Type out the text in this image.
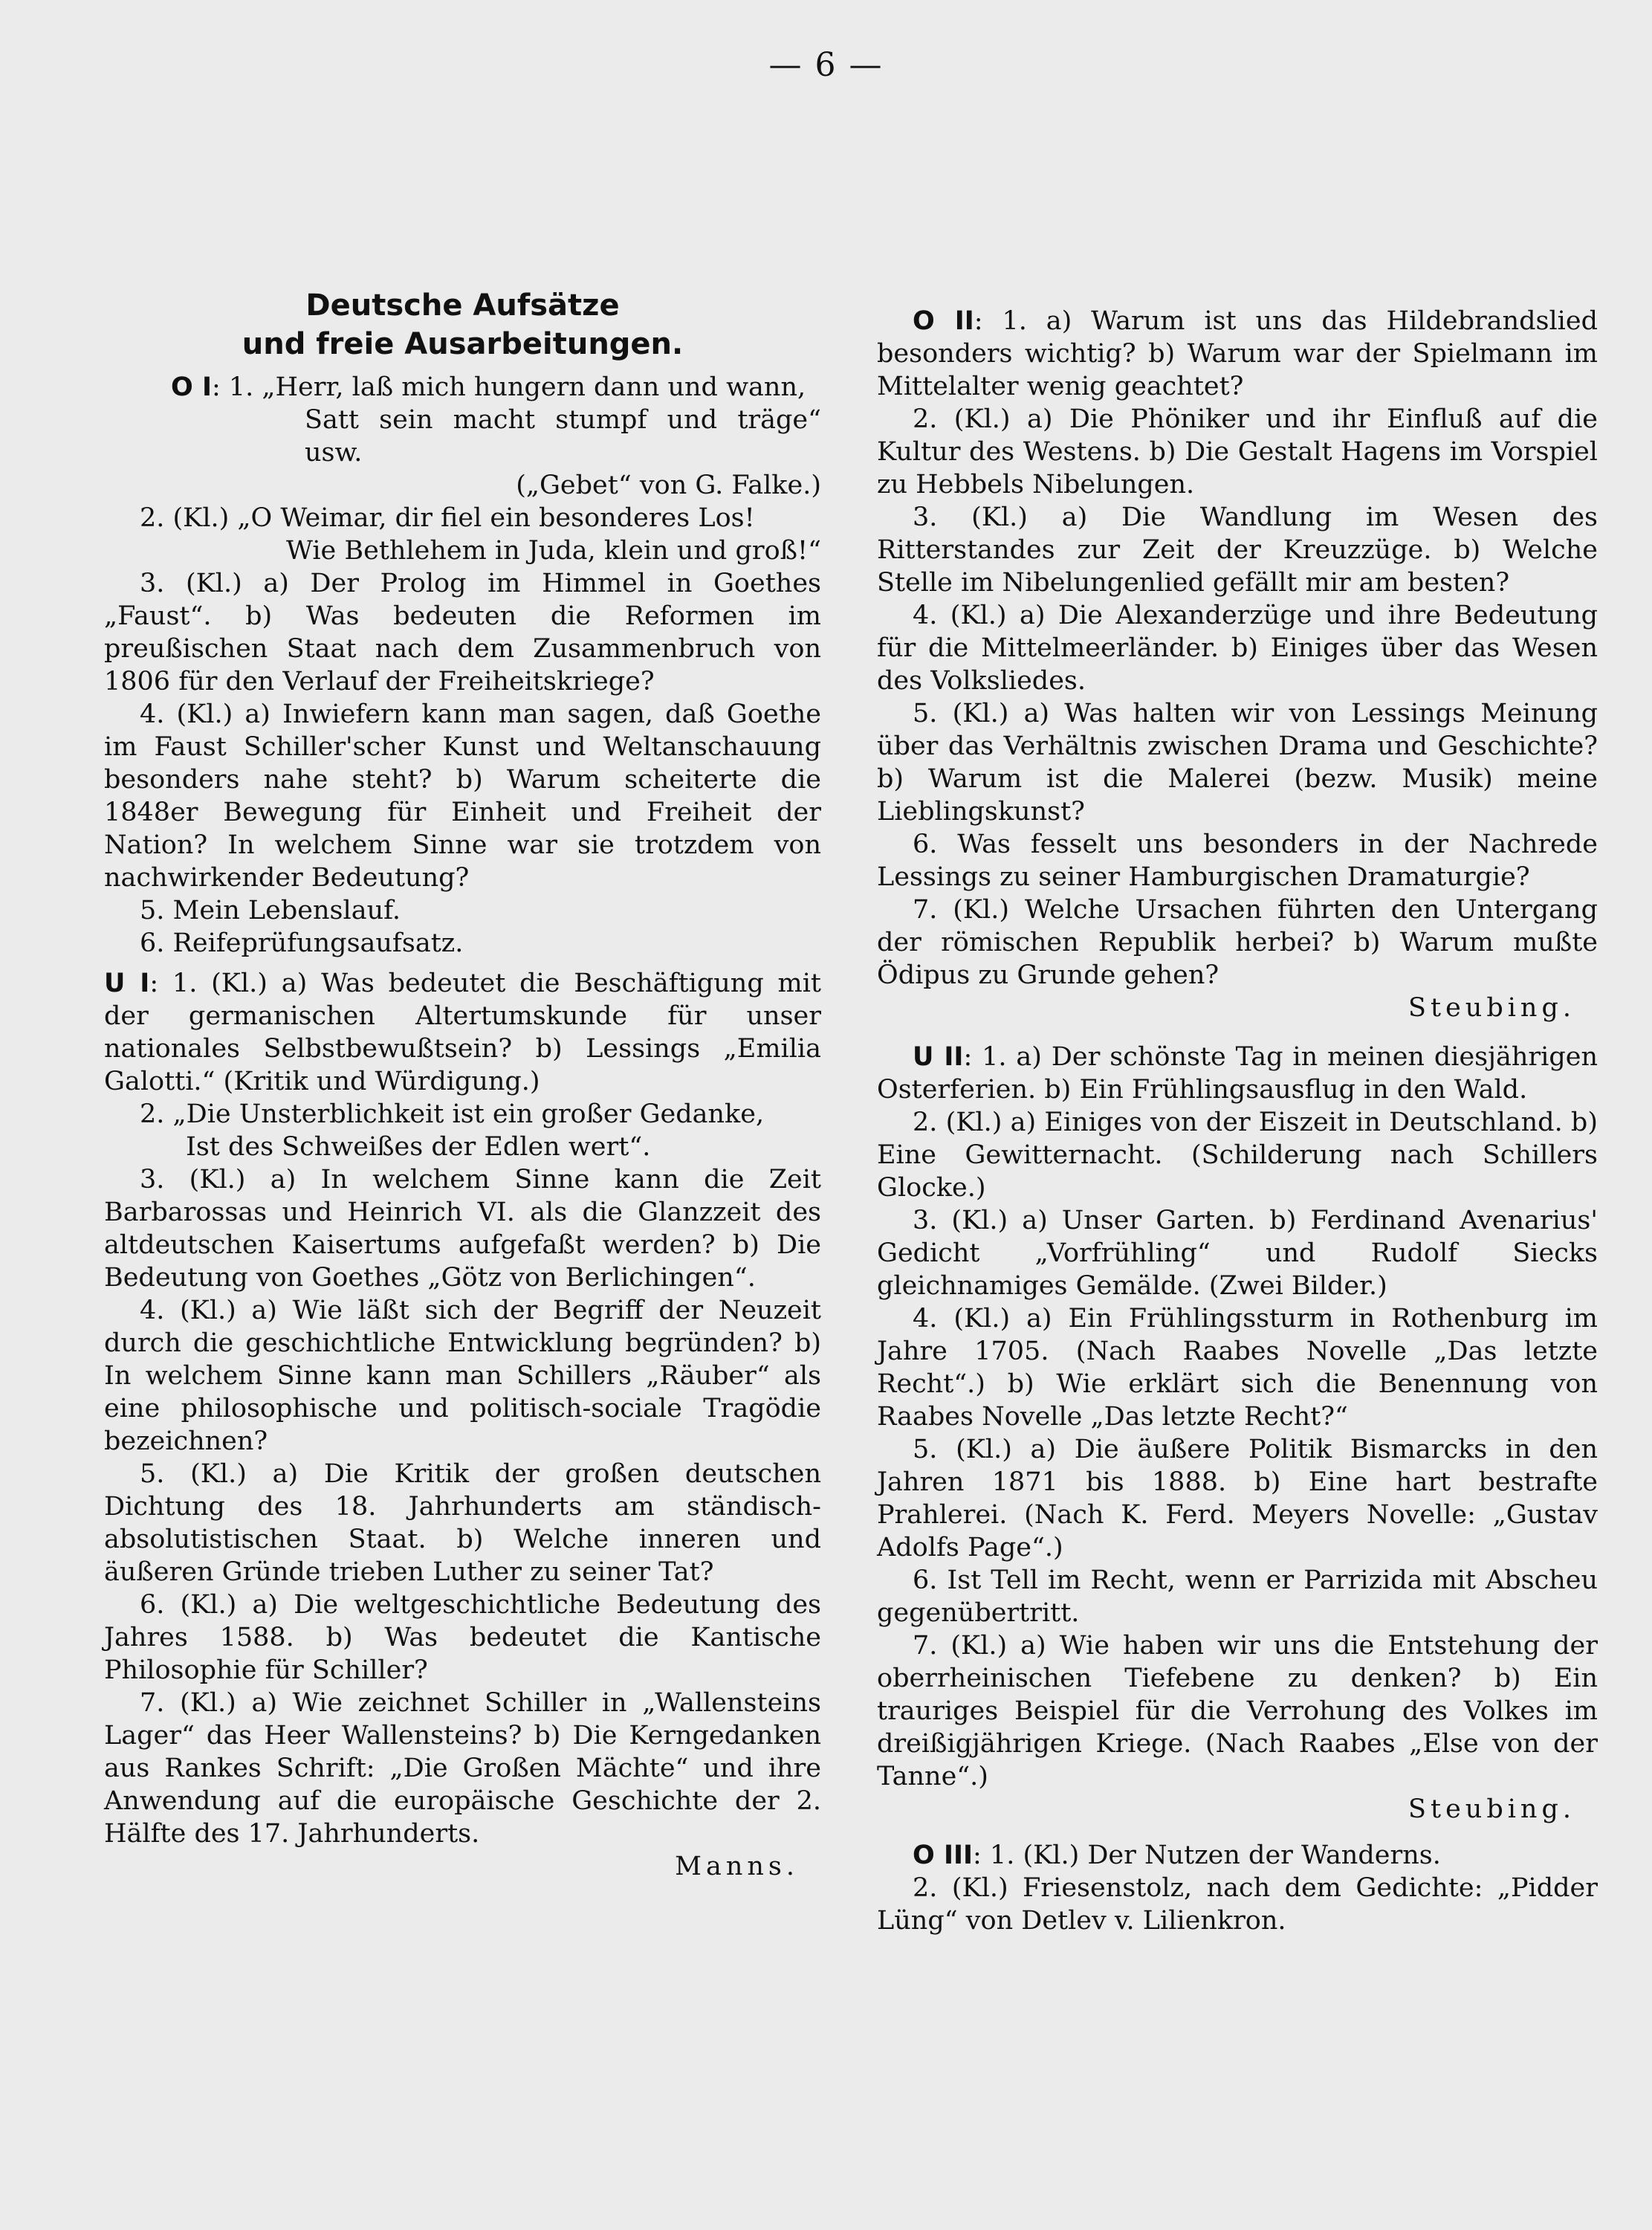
— 6 —

Deutsche Aufsätze

und freie Ausarbeitungen.

O I: 1. „Herr, laß mich hungern dann und wann,

Satt sein macht stumpf und träge“ usw.

(„Gebet“ von G. Falke.)

2. (Kl.) „O Weimar, dir fiel ein besonderes Los!

Wie Bethlehem in Juda, klein und groß!“

3. (Kl.) a) Der Prolog im Himmel in Goethes „Faust“. b) Was bedeuten die Reformen im preußischen Staat nach dem Zusammenbruch von 1806 für den Verlauf der Freiheitskriege?

4. (Kl.) a) Inwiefern kann man sagen, daß Goethe im Faust Schiller'scher Kunst und Weltanschauung besonders nahe steht? b) Warum scheiterte die 1848er Bewegung für Einheit und Freiheit der Nation? In welchem Sinne war sie trotzdem von nachwirkender Bedeutung?

5. Mein Lebenslauf.

6. Reifeprüfungsaufsatz.

U I: 1. (Kl.) a) Was bedeutet die Beschäftigung mit der germanischen Altertumskunde für unser nationales Selbstbewußtsein? b) Lessings „Emilia Galotti.“ (Kritik und Würdigung.)

2. „Die Unsterblichkeit ist ein großer Gedanke,

Ist des Schweißes der Edlen wert“.

3. (Kl.) a) In welchem Sinne kann die Zeit Barbarossas und Heinrich VI. als die Glanzzeit des altdeutschen Kaisertums aufgefaßt werden? b) Die Bedeutung von Goethes „Götz von Berlichingen“.

4. (Kl.) a) Wie läßt sich der Begriff der Neuzeit durch die geschichtliche Entwicklung begründen? b) In welchem Sinne kann man Schillers „Räuber“ als eine philosophische und politisch-sociale Tragödie bezeichnen?

5. (Kl.) a) Die Kritik der großen deutschen Dichtung des 18. Jahrhunderts am ständisch-absolutistischen Staat. b) Welche inneren und äußeren Gründe trieben Luther zu seiner Tat?

6. (Kl.) a) Die weltgeschichtliche Bedeutung des Jahres 1588. b) Was bedeutet die Kantische Philosophie für Schiller?

7. (Kl.) a) Wie zeichnet Schiller in „Wallensteins Lager“ das Heer Wallensteins? b) Die Kerngedanken aus Rankes Schrift: „Die Großen Mächte“ und ihre Anwendung auf die europäische Geschichte der 2. Hälfte des 17. Jahrhunderts.

Manns.

O II: 1. a) Warum ist uns das Hildebrandslied besonders wichtig? b) Warum war der Spielmann im Mittelalter wenig geachtet?

2. (Kl.) a) Die Phöniker und ihr Einfluß auf die Kultur des Westens. b) Die Gestalt Hagens im Vorspiel zu Hebbels Nibelungen.

3. (Kl.) a) Die Wandlung im Wesen des Ritterstandes zur Zeit der Kreuzzüge. b) Welche Stelle im Nibelungenlied gefällt mir am besten?

4. (Kl.) a) Die Alexanderzüge und ihre Bedeutung für die Mittelmeerländer. b) Einiges über das Wesen des Volksliedes.

5. (Kl.) a) Was halten wir von Lessings Meinung über das Verhältnis zwischen Drama und Geschichte? b) Warum ist die Malerei (bezw. Musik) meine Lieblingskunst?

6. Was fesselt uns besonders in der Nachrede Lessings zu seiner Hamburgischen Dramaturgie?

7. (Kl.) Welche Ursachen führten den Untergang der römischen Republik herbei? b) Warum mußte Ödipus zu Grunde gehen?

Steubing.

U II: 1. a) Der schönste Tag in meinen diesjährigen Osterferien. b) Ein Frühlingsausflug in den Wald.

2. (Kl.) a) Einiges von der Eiszeit in Deutschland. b) Eine Gewitternacht. (Schilderung nach Schillers Glocke.)

3. (Kl.) a) Unser Garten. b) Ferdinand Avenarius' Gedicht „Vorfrühling“ und Rudolf Siecks gleichnamiges Gemälde. (Zwei Bilder.)

4. (Kl.) a) Ein Frühlingssturm in Rothenburg im Jahre 1705. (Nach Raabes Novelle „Das letzte Recht“.) b) Wie erklärt sich die Benennung von Raabes Novelle „Das letzte Recht?“

5. (Kl.) a) Die äußere Politik Bismarcks in den Jahren 1871 bis 1888. b) Eine hart bestrafte Prahlerei. (Nach K. Ferd. Meyers Novelle: „Gustav Adolfs Page“.)

6. Ist Tell im Recht, wenn er Parrizida mit Abscheu gegenübertritt.

7. (Kl.) a) Wie haben wir uns die Entstehung der oberrheinischen Tiefebene zu denken? b) Ein trauriges Beispiel für die Verrohung des Volkes im dreißigjährigen Kriege. (Nach Raabes „Else von der Tanne“.)

Steubing.

O III: 1. (Kl.) Der Nutzen der Wanderns.

2. (Kl.) Friesenstolz, nach dem Gedichte: „Pidder Lüng“ von Detlev v. Lilienkron.
